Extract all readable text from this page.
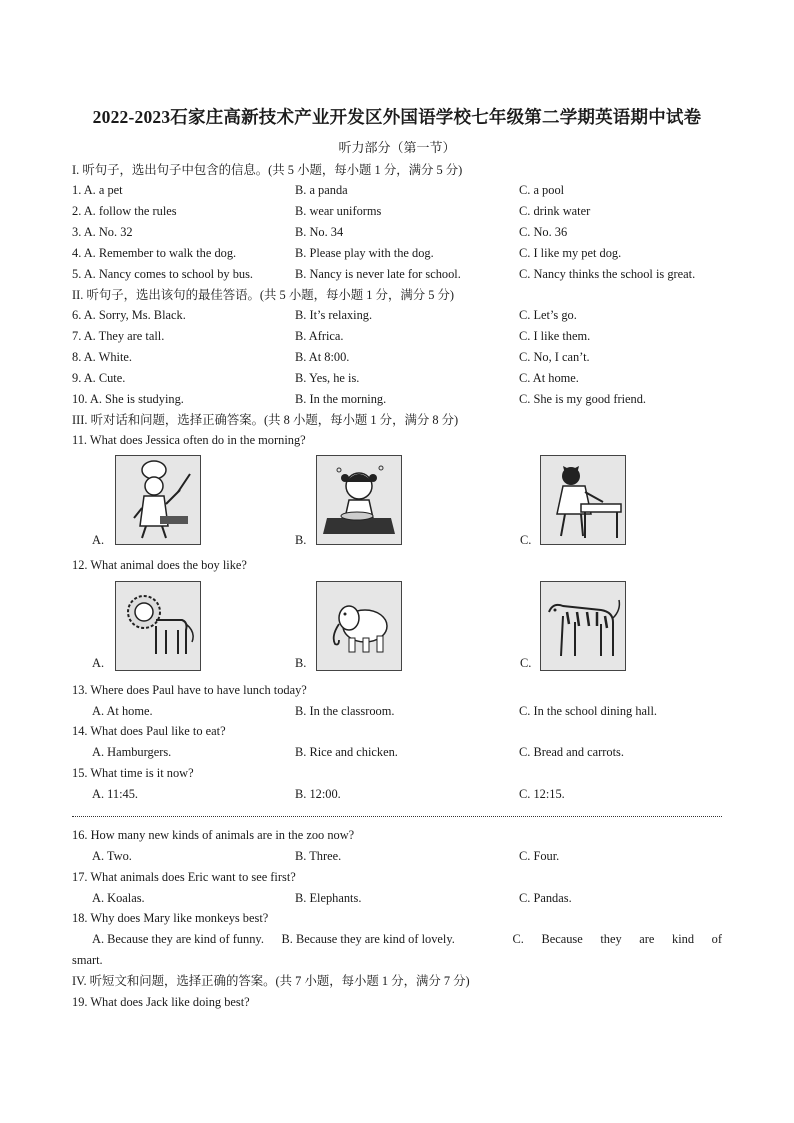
2022-2023石家庄高新技术产业开发区外国语学校七年级第二学期英语期中试卷
听力部分（第一节）
I. 听句子，选出句子中包含的信息。(共 5 小题，每小题 1 分，满分 5 分)
1. A. a pet	B. a panda	C. a pool
2. A. follow the rules	B. wear uniforms	C. drink water
3. A. No. 32	B. No. 34	C. No. 36
4. A. Remember to walk the dog.	B. Please play with the dog.	C. I like my pet dog.
5. A. Nancy comes to school by bus.	B. Nancy is never late for school.	C. Nancy thinks the school is great.
II. 听句子，选出该句的最佳答语。(共 5 小题，每小题 1 分，满分 5 分)
6. A. Sorry, Ms. Black.	B. It’s relaxing.	C. Let’s go.
7. A. They are tall.	B. Africa.	C. I like them.
8. A. White.	B. At 8:00.	C. No, I can’t.
9. A. Cute.	B. Yes, he is.	C. At home.
10. A. She is studying.	B. In the morning.	C. She is my good friend.
III. 听对话和问题，选择正确答案。(共 8 小题，每小题 1 分，满分 8 分)
11. What does Jessica often do in the morning?
A.	B.	C.
12. What animal does the boy like?
A.	B.	C.
13. Where does Paul have to have lunch today?
A. At home.	B. In the classroom.	C. In the school dining hall.
14. What does Paul like to eat?
A. Hamburgers.	B. Rice and chicken.	C. Bread and carrots.
15. What time is it now?
A. 11:45.	B. 12:00.	C. 12:15.
16. How many new kinds of animals are in the zoo now?
A. Two.	B. Three.	C. Four.
17. What animals does Eric want to see first?
A. Koalas.	B. Elephants.	C. Pandas.
18. Why does Mary like monkeys best?
A. Because they are kind of funny. B. Because they are kind of lovely.	C. Because they are kind of
smart.
IV. 听短文和问题，选择正确的答案。(共 7 小题，每小题 1 分，满分 7 分)
19. What does Jack like doing best?
